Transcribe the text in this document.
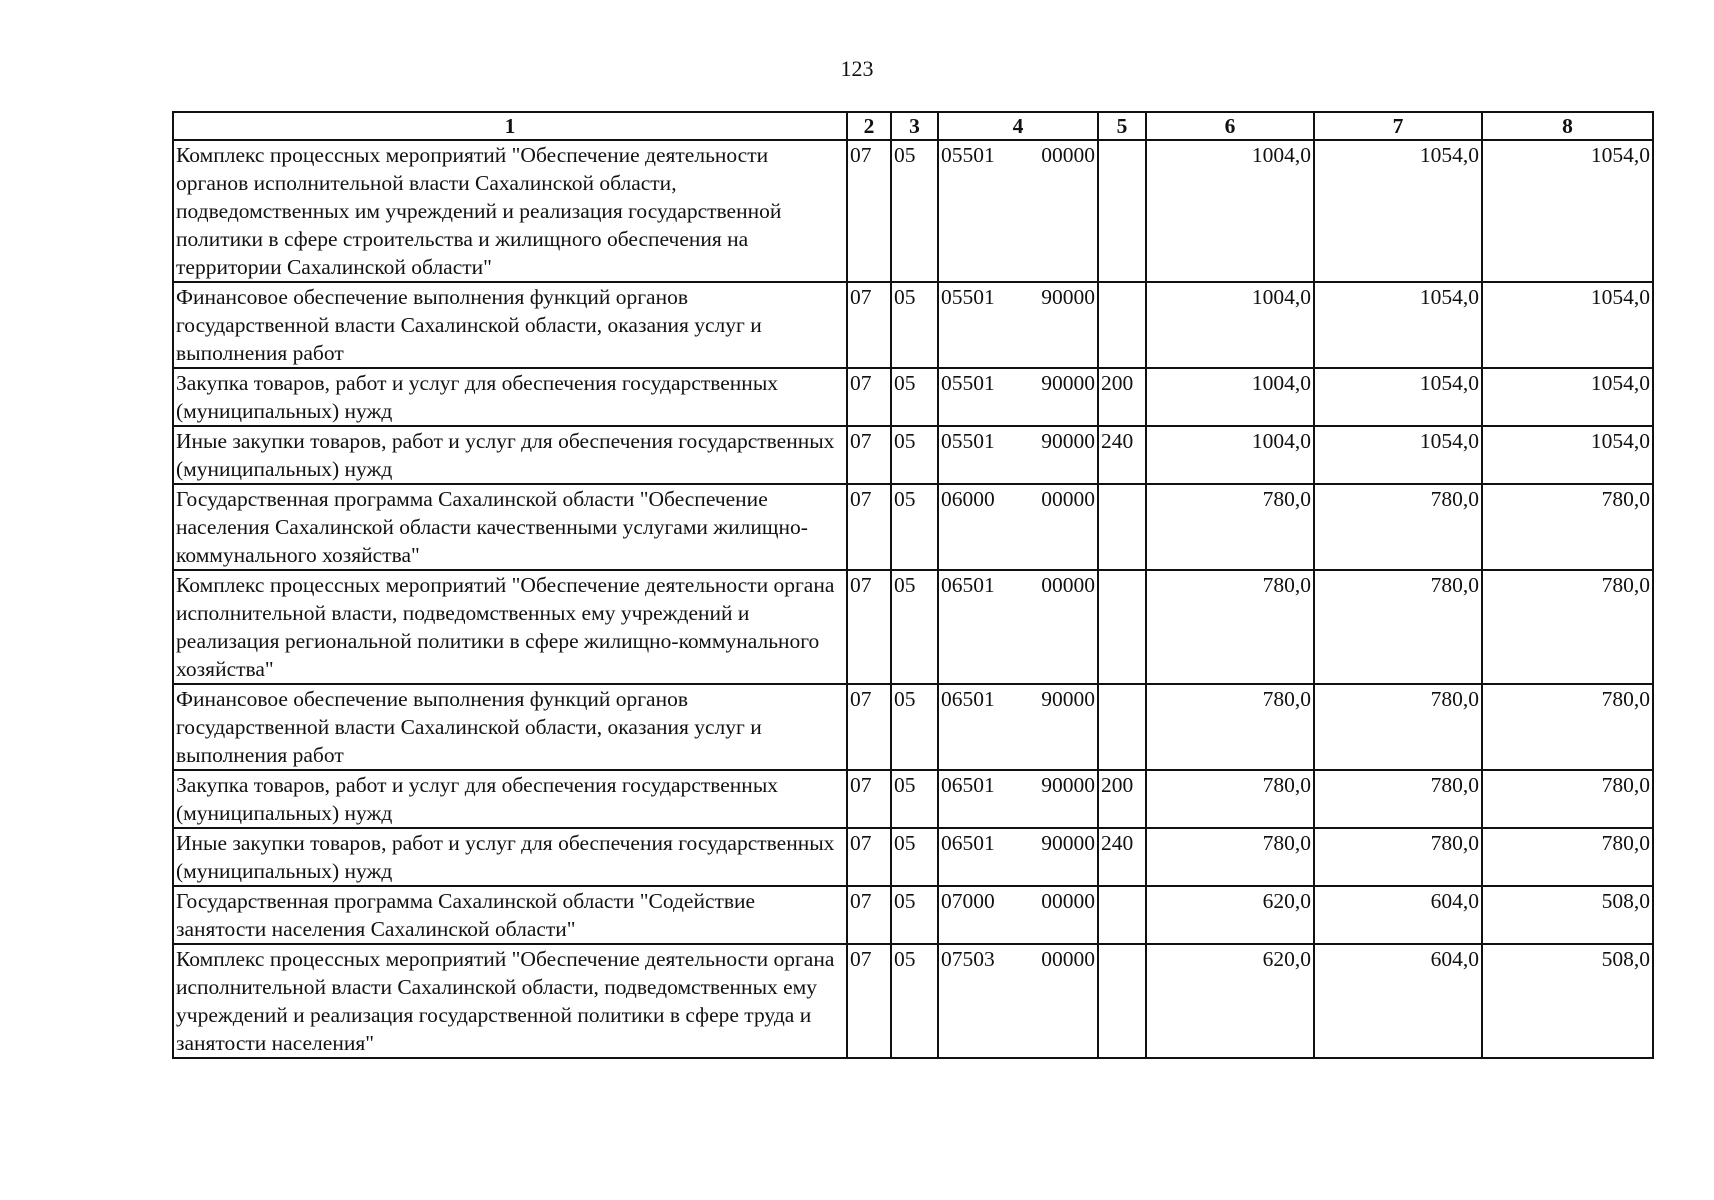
123
1	2	3	4	5	6	7	8
Комплекс процессных мероприятий "Обеспечение деятельности органов исполнительной власти Сахалинской области, подведомственных им учреждений и реализация государственной политики в сфере строительства и жилищного обеспечения на территории Сахалинской области"	07	05	05501 00000		1004,0	1054,0	1054,0
Финансовое обеспечение выполнения функций органов государственной власти Сахалинской области, оказания услуг и выполнения работ	07	05	05501 90000		1004,0	1054,0	1054,0
Закупка товаров, работ и услуг для обеспечения государственных (муниципальных) нужд	07	05	05501 90000	200	1004,0	1054,0	1054,0
Иные закупки товаров, работ и услуг для обеспечения государственных (муниципальных) нужд	07	05	05501 90000	240	1004,0	1054,0	1054,0
Государственная программа Сахалинской области "Обеспечение населения Сахалинской области качественными услугами жилищно-коммунального хозяйства"	07	05	06000 00000		780,0	780,0	780,0
Комплекс процессных мероприятий "Обеспечение деятельности органа исполнительной власти, подведомственных ему учреждений и реализация региональной политики в сфере жилищно-коммунального хозяйства"	07	05	06501 00000		780,0	780,0	780,0
Финансовое обеспечение выполнения функций органов государственной власти Сахалинской области, оказания услуг и выполнения работ	07	05	06501 90000		780,0	780,0	780,0
Закупка товаров, работ и услуг для обеспечения государственных (муниципальных) нужд	07	05	06501 90000	200	780,0	780,0	780,0
Иные закупки товаров, работ и услуг для обеспечения государственных (муниципальных) нужд	07	05	06501 90000	240	780,0	780,0	780,0
Государственная программа Сахалинской области "Содействие занятости населения Сахалинской области"	07	05	07000 00000		620,0	604,0	508,0
Комплекс процессных мероприятий "Обеспечение деятельности органа исполнительной власти Сахалинской области, подведомственных ему учреждений и реализация государственной политики в сфере труда и занятости населения"	07	05	07503 00000		620,0	604,0	508,0
